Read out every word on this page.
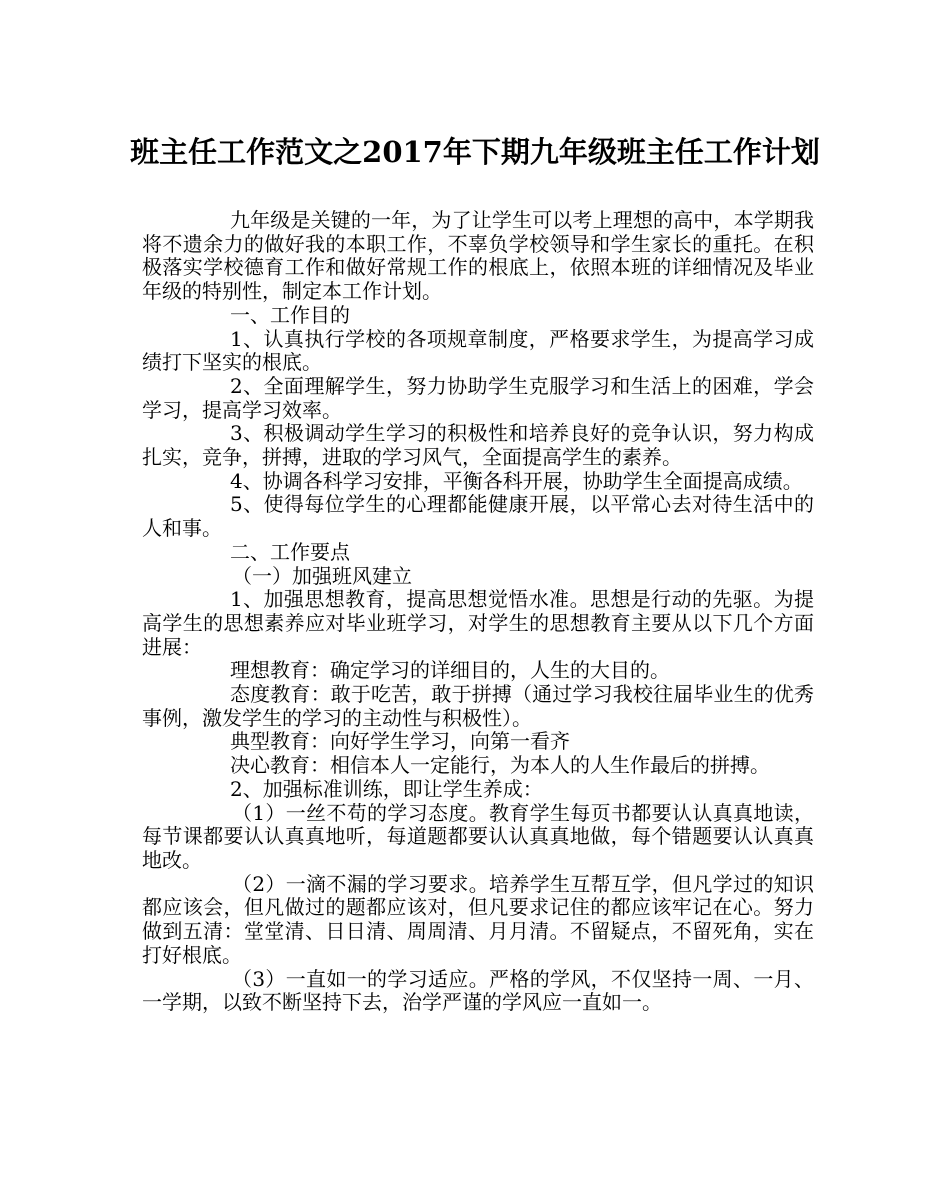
班主任工作范文之2017年下期九年级班主任工作计划

九年级是关键的一年，为了让学生可以考上理想的高中，本学期我将不遗余力的做好我的本职工作，不辜负学校领导和学生家长的重托。在积极落实学校德育工作和做好常规工作的根底上，依照本班的详细情况及毕业年级的特别性，制定本工作计划。

一、工作目的

1、认真执行学校的各项规章制度，严格要求学生，为提高学习成绩打下坚实的根底。

2、全面理解学生，努力协助学生克服学习和生活上的困难，学会学习，提高学习效率。

3、积极调动学生学习的积极性和培养良好的竞争认识，努力构成扎实，竞争，拼搏，进取的学习风气，全面提高学生的素养。

4、协调各科学习安排，平衡各科开展，协助学生全面提高成绩。

5、使得每位学生的心理都能健康开展，以平常心去对待生活中的人和事。

二、工作要点

（一）加强班风建立

1、加强思想教育，提高思想觉悟水准。思想是行动的先驱。为提高学生的思想素养应对毕业班学习，对学生的思想教育主要从以下几个方面进展：

理想教育：确定学习的详细目的，人生的大目的。

态度教育：敢于吃苦，敢于拼搏（通过学习我校往届毕业生的优秀事例，激发学生的学习的主动性与积极性）。

典型教育：向好学生学习，向第一看齐

决心教育：相信本人一定能行，为本人的人生作最后的拼搏。

2、加强标准训练，即让学生养成：

（1）一丝不苟的学习态度。教育学生每页书都要认认真真地读，每节课都要认认真真地听，每道题都要认认真真地做，每个错题要认认真真地改。

（2）一滴不漏的学习要求。培养学生互帮互学，但凡学过的知识都应该会，但凡做过的题都应该对，但凡要求记住的都应该牢记在心。努力做到五清：堂堂清、日日清、周周清、月月清。不留疑点，不留死角，实在打好根底。

（3）一直如一的学习适应。严格的学风，不仅坚持一周、一月、一学期，以致不断坚持下去，治学严谨的学风应一直如一。
